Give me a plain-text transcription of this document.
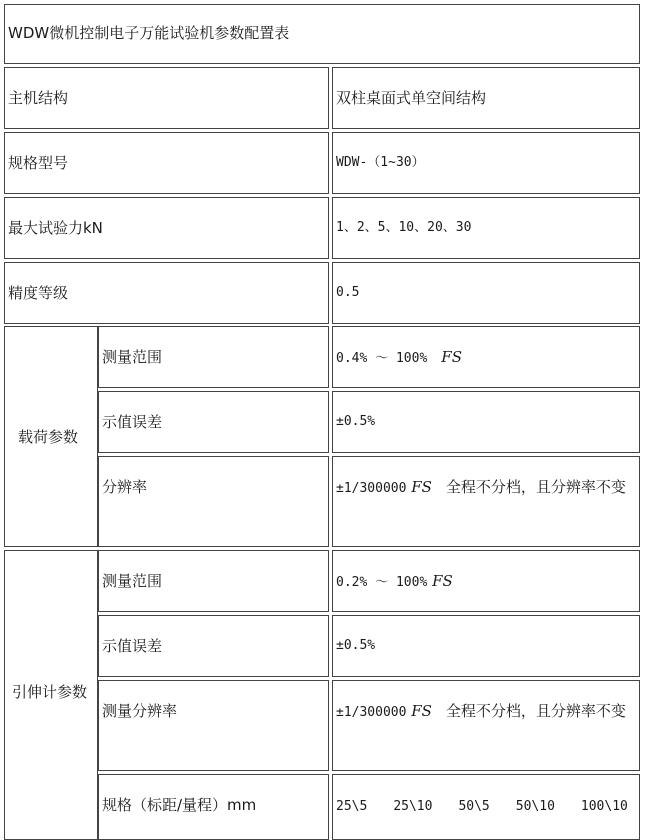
WDW微机控制电子万能试验机参数配置表
主机结构	双柱桌面式单空间结构
规格型号	WDW-（1~30）
最大试验力kN	1、2、5、10、20、30
精度等级	0.5
载荷参数
测量范围	0.4% ～ 100% FS
示值误差	±0.5%
分辨率	±1/300000 FS 全程不分档，且分辨率不变
引伸计参数
测量范围	0.2% ～ 100% FS
示值误差	±0.5%
测量分辨率	±1/300000 FS 全程不分档，且分辨率不变
规格（标距/量程）mm	25\5 25\10 50\5 50\10 100\10
